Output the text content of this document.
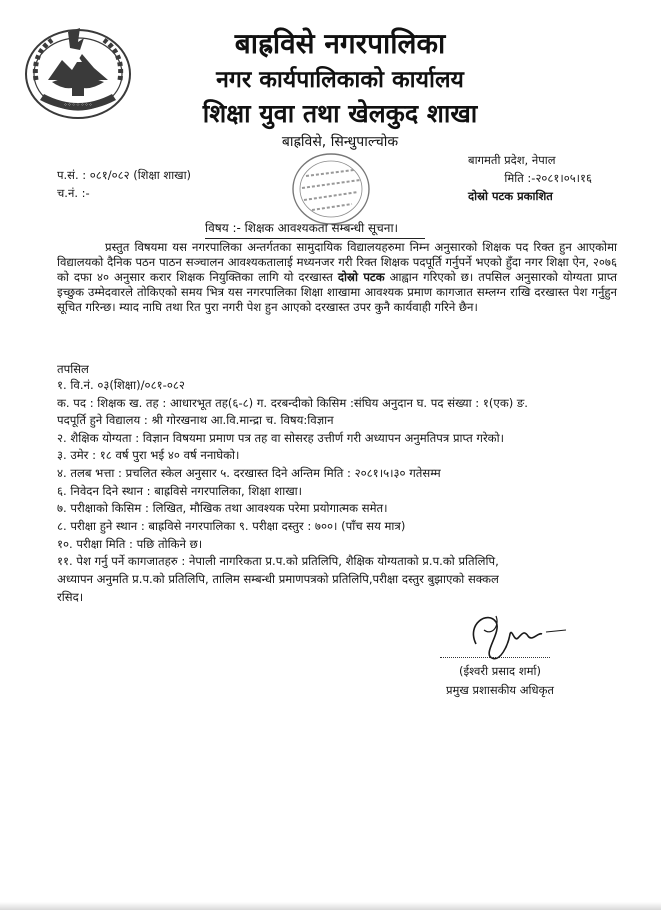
⁘⁘⁘⁘⁘⁘⁘
बाह्रविसे नगरपालिका
नगर कार्यपालिकाको कार्यालय
शिक्षा युवा तथा खेलकुद शाखा
बाह्रविसे, सिन्धुपाल्चोक
प.सं. : ०८१/०८२ (शिक्षा शाखा)
च.नं. :-
बागमती प्रदेश, नेपाल
मिति :-२०८१।०५।१६
दोस्रो पटक प्रकाशित
विषय :- शिक्षक आवश्यकता सम्बन्धी सूचना।

प्रस्तुत विषयमा यस नगरपालिका अन्तर्गतका सामुदायिक विद्यालयहरुमा निम्न अनुसारको शिक्षक पद रिक्त हुन आएकोमा विद्यालयको दैनिक पठन पाठन सञ्चालन आवश्यकतालाई मध्यनजर गरी रिक्त शिक्षक पदपूर्ति गर्नुपर्ने भएको हुँदा नगर शिक्षा ऐन, २०७६ को दफा ४० अनुसार करार शिक्षक नियुक्तिका लागि यो दरखास्त दोस्रो पटक आह्वान गरिएको छ। तपसिल अनुसारको योग्यता प्राप्त इच्छुक उम्मेदवारले तोकिएको समय भित्र यस नगरपालिका शिक्षा शाखामा आवश्यक प्रमाण कागजात सम्लग्न राखि दरखास्त पेश गर्नुहुन सूचित गरिन्छ। म्याद नाघि तथा रित पुरा नगरी पेश हुन आएको दरखास्त उपर कुनै कार्यवाही गरिने छैन।

तपसिल
१. वि.नं. ०३(शिक्षा)/०८१-०८२
क. पद : शिक्षक ख. तह : आधारभूत तह(६-८) ग. दरबन्दीको किसिम :संघिय अनुदान घ. पद संख्या : १(एक) ङ.
पदपूर्ति हुने विद्यालय : श्री गोरखनाथ आ.वि.मान्द्रा च. विषय:विज्ञान
२. शैक्षिक योग्यता : विज्ञान विषयमा प्रमाण पत्र तह वा सोसरह उत्तीर्ण गरी अध्यापन अनुमतिपत्र प्राप्त गरेको।
३. उमेर : १८ वर्ष पुरा भई ४० वर्ष ननाघेको।
४. तलब भत्ता : प्रचलित स्केल अनुसार ५. दरखास्त दिने अन्तिम मिति : २०८१।५।३० गतेसम्म
६. निवेदन दिने स्थान : बाह्रविसे नगरपालिका, शिक्षा शाखा।
७. परीक्षाको किसिम : लिखित, मौखिक तथा आवश्यक परेमा प्रयोगात्मक समेत।
८. परीक्षा हुने स्थान : बाह्रविसे नगरपालिका ९. परीक्षा दस्तुर : ७००। (पाँच सय मात्र)
१०. परीक्षा मिति : पछि तोकिने छ।
११. पेश गर्नु पर्ने कागजातहरु : नेपाली नागरिकता प्र.प.को प्रतिलिपि, शैक्षिक योग्यताको प्र.प.को प्रतिलिपि,
अध्यापन अनुमति प्र.प.को प्रतिलिपि, तालिम सम्बन्धी प्रमाणपत्रको प्रतिलिपि,परीक्षा दस्तुर बुझाएको सक्कल
रसिद।
(ईश्वरी प्रसाद शर्मा)
प्रमुख प्रशासकीय अधिकृत
